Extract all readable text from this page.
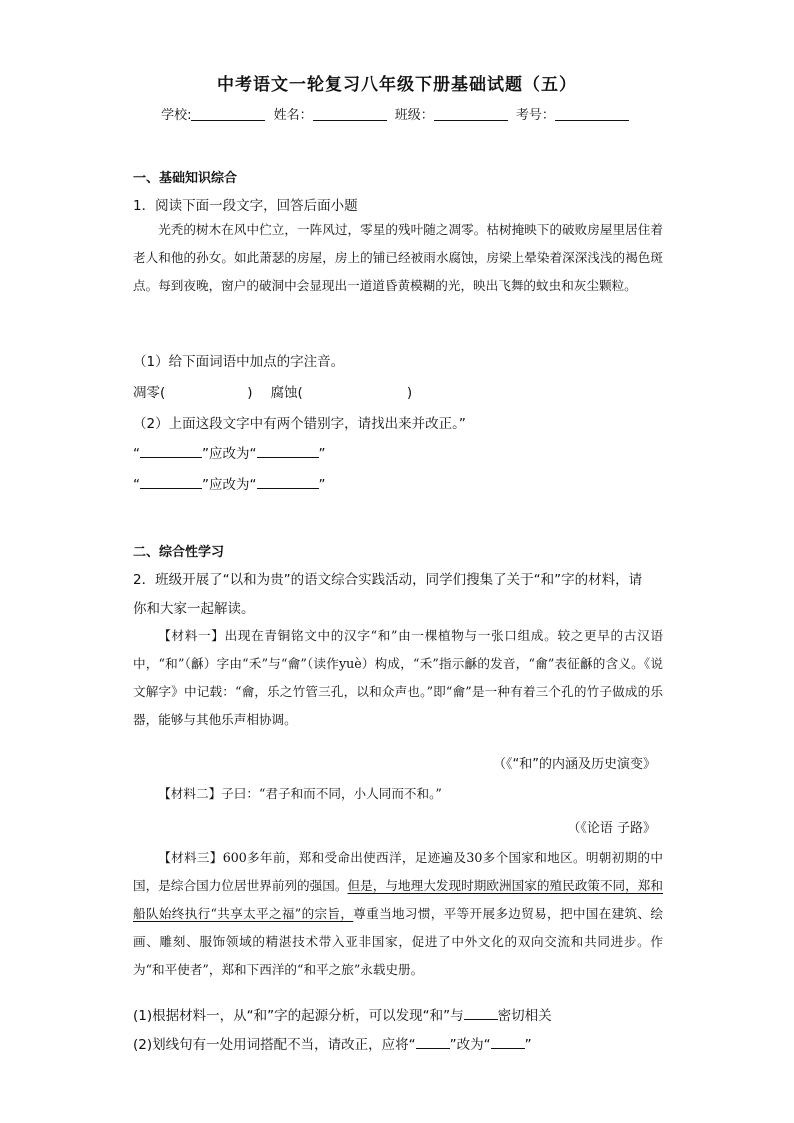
中考语文一轮复习八年级下册基础试题（五）
学校:	姓名：	班级：	考号：
一、基础知识综合
1．阅读下面一段文字，回答后面小题
光秃的树木在风中伫立，一阵风过，零星的残叶随之凋零。枯树掩映下的破败房屋里居住着老人和他的孙女。如此萧瑟的房屋，房上的铺已经被雨水腐蚀，房梁上晕染着深深浅浅的褐色斑点。每到夜晚，窗户的破洞中会显现出一道道昏黄模糊的光，映出飞舞的蚊虫和灰尘颗粒。
（1）给下面词语中加点的字注音。
凋零(	) 腐蚀(	)
（2）上面这段文字中有两个错别字，请找出来并改正。”
“	”应改为“	”
“	”应改为“	”
二、综合性学习
2．班级开展了“以和为贵”的语文综合实践活动，同学们搜集了关于“和”字的材料，请
你和大家一起解读。
【材料一】出现在青铜铭文中的汉字“和”由一棵植物与一张口组成。较之更早的古汉语中，“和”（龢）字由“禾”与“龠”（读作yuè）构成，“禾”指示龢的发音，“龠”表征龢的含义。《说文解字》中记载：“龠，乐之竹管三孔，以和众声也。”即“龠”是一种有着三个孔的竹子做成的乐器，能够与其他乐声相协调。
（《“和”的内涵及历史演变》
【材料二】子曰：“君子和而不同，小人同而不和。”
（《论语 子路》
【材料三】600多年前，郑和受命出使西洋，足迹遍及30多个国家和地区。明朝初期的中国，是综合国力位居世界前列的强国。但是，与地理大发现时期欧洲国家的殖民政策不同，郑和船队始终执行“共享太平之福”的宗旨，尊重当地习惯，平等开展多边贸易，把中国在建筑、绘画、雕刻、服饰领域的精湛技术带入亚非国家，促进了中外文化的双向交流和共同进步。作为“和平使者”，郑和下西洋的“和平之旅”永载史册。
(1)根据材料一，从“和”字的起源分析，可以发现“和”与	密切相关
(2)划线句有一处用词搭配不当，请改正，应将“	”改为“	”
